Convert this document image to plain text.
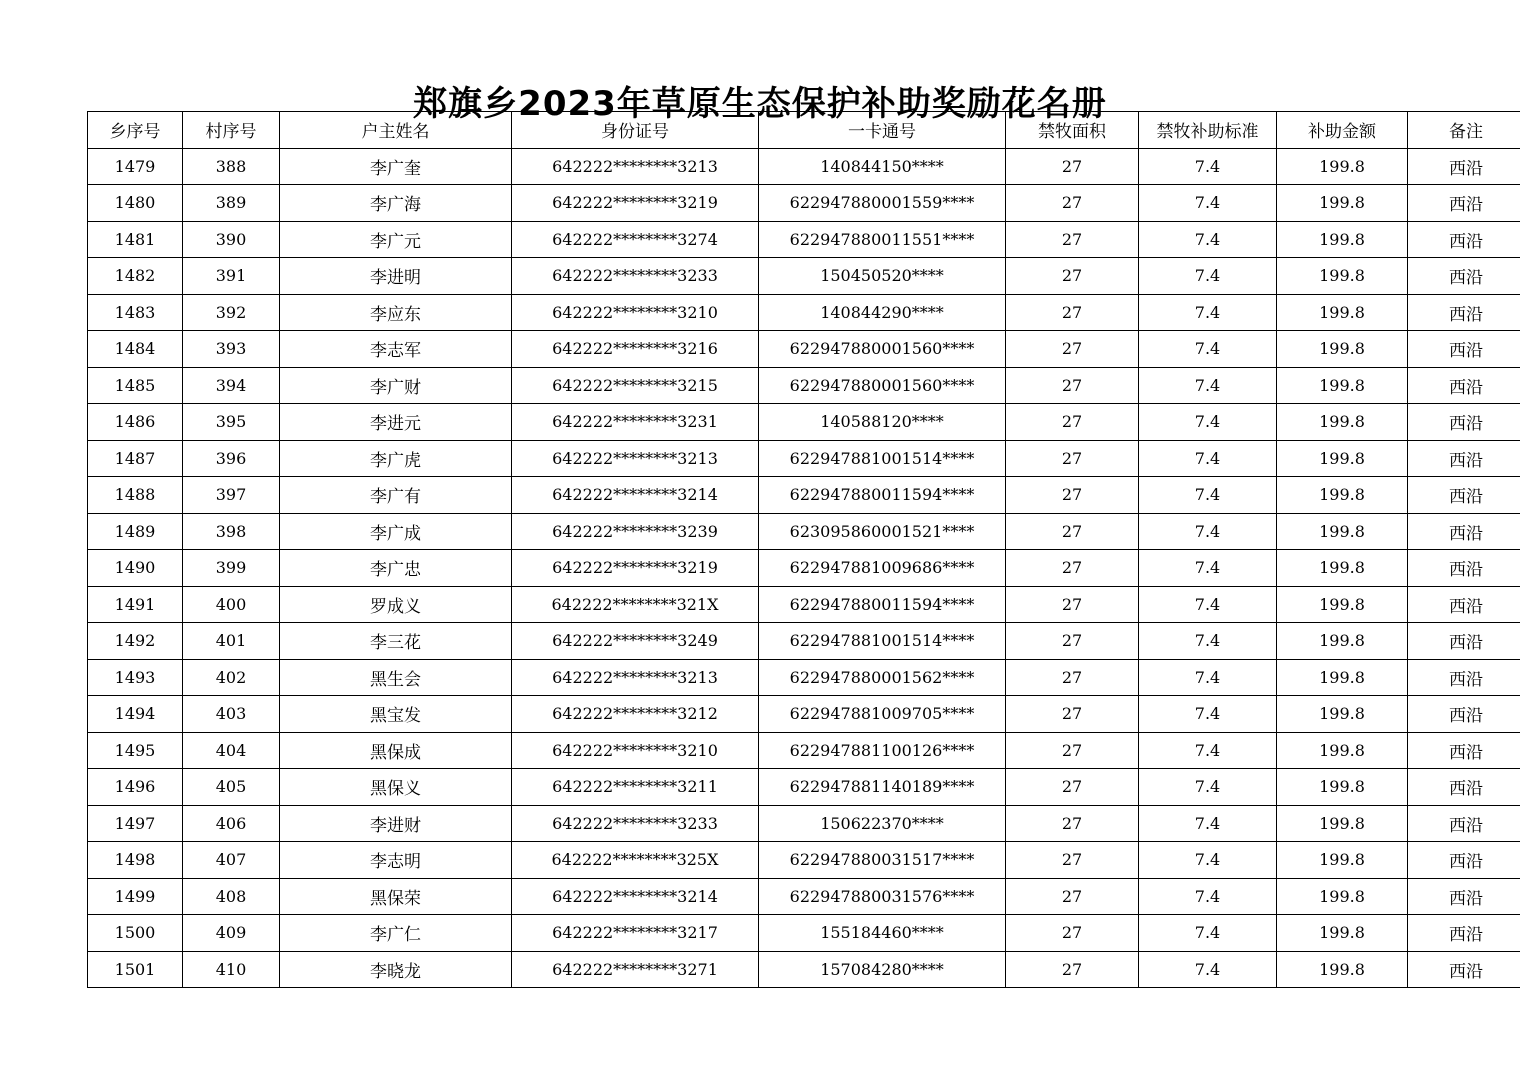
郑旗乡2023年草原生态保护补助奖励花名册
乡序号	村序号	户主姓名	身份证号	一卡通号	禁牧面积	禁牧补助标准	补助金额	备注
1479	388	李广奎	642222********3213	140844150****	27	7.4	199.8	西沿
1480	389	李广海	642222********3219	622947880001559****	27	7.4	199.8	西沿
1481	390	李广元	642222********3274	622947880011551****	27	7.4	199.8	西沿
1482	391	李进明	642222********3233	150450520****	27	7.4	199.8	西沿
1483	392	李应东	642222********3210	140844290****	27	7.4	199.8	西沿
1484	393	李志军	642222********3216	622947880001560****	27	7.4	199.8	西沿
1485	394	李广财	642222********3215	622947880001560****	27	7.4	199.8	西沿
1486	395	李进元	642222********3231	140588120****	27	7.4	199.8	西沿
1487	396	李广虎	642222********3213	622947881001514****	27	7.4	199.8	西沿
1488	397	李广有	642222********3214	622947880011594****	27	7.4	199.8	西沿
1489	398	李广成	642222********3239	623095860001521****	27	7.4	199.8	西沿
1490	399	李广忠	642222********3219	622947881009686****	27	7.4	199.8	西沿
1491	400	罗成义	642222********321X	622947880011594****	27	7.4	199.8	西沿
1492	401	李三花	642222********3249	622947881001514****	27	7.4	199.8	西沿
1493	402	黑生会	642222********3213	622947880001562****	27	7.4	199.8	西沿
1494	403	黑宝发	642222********3212	622947881009705****	27	7.4	199.8	西沿
1495	404	黑保成	642222********3210	622947881100126****	27	7.4	199.8	西沿
1496	405	黑保义	642222********3211	622947881140189****	27	7.4	199.8	西沿
1497	406	李进财	642222********3233	150622370****	27	7.4	199.8	西沿
1498	407	李志明	642222********325X	622947880031517****	27	7.4	199.8	西沿
1499	408	黑保荣	642222********3214	622947880031576****	27	7.4	199.8	西沿
1500	409	李广仁	642222********3217	155184460****	27	7.4	199.8	西沿
1501	410	李晓龙	642222********3271	157084280****	27	7.4	199.8	西沿
